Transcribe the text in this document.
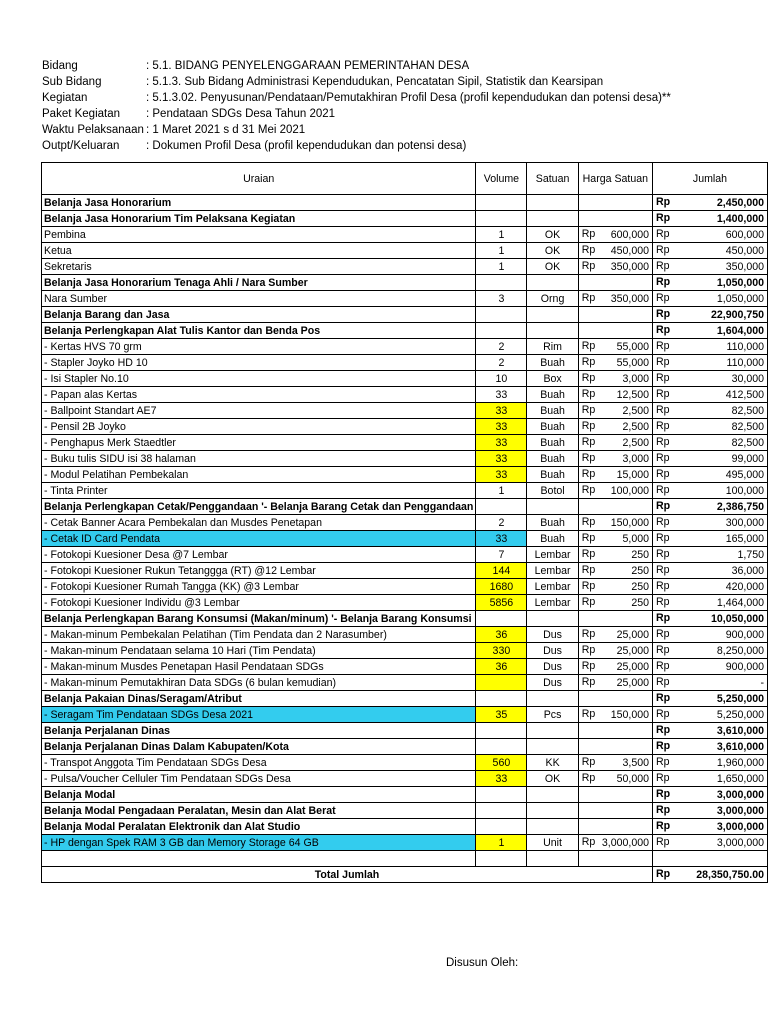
Bidang	: 5.1. BIDANG PENYELENGGARAAN PEMERINTAHAN DESA
Sub Bidang	: 5.1.3. Sub Bidang Administrasi Kependudukan, Pencatatan Sipil, Statistik dan Kearsipan
Kegiatan	: 5.1.3.02. Penyusunan/Pendataan/Pemutakhiran Profil Desa (profil kependudukan dan potensi desa)**
Paket Kegiatan : Pendataan SDGs Desa Tahun 2021
Waktu Pelaksanaan : 1 Maret 2021 s d 31 Mei 2021
Outpt/Keluaran : Dokumen Profil Desa (profil kependudukan dan potensi desa)
Uraian	Volume	Satuan	Harga Satuan	Jumlah
Belanja Jasa Honorarium				Rp 2,450,000

Belanja Jasa Honorarium Tim Pelaksana Kegiatan				Rp 1,400,000

Pembina	1	OK	Rp 600,000	Rp 600,000

Ketua	1	OK	Rp 450,000	Rp 450,000

Sekretaris	1	OK	Rp 350,000	Rp 350,000

Belanja Jasa Honorarium Tenaga Ahli / Nara Sumber				Rp 1,050,000

Nara Sumber	3	Orng	Rp 350,000	Rp 1,050,000

Belanja Barang dan Jasa				Rp 22,900,750

Belanja Perlengkapan Alat Tulis Kantor dan Benda Pos				Rp 1,604,000

- Kertas HVS 70 grm	2	Rim	Rp 55,000	Rp 110,000

- Stapler Joyko HD 10	2	Buah	Rp 55,000	Rp 110,000

- Isi Stapler No.10	10	Box	Rp 3,000	Rp 30,000

- Papan alas Kertas	33	Buah	Rp 12,500	Rp 412,500

- Ballpoint Standart AE7	33	Buah	Rp 2,500	Rp 82,500

- Pensil 2B Joyko	33	Buah	Rp 2,500	Rp 82,500

- Penghapus Merk Staedtler	33	Buah	Rp 2,500	Rp 82,500

- Buku tulis SIDU isi 38 halaman	33	Buah	Rp 3,000	Rp 99,000

- Modul Pelatihan Pembekalan	33	Buah	Rp 15,000	Rp 495,000

- Tinta Printer	1	Botol	Rp 100,000	Rp 100,000

Belanja Perlengkapan Cetak/Penggandaan '- Belanja Barang Cetak dan Penggandaan				Rp 2,386,750

- Cetak Banner Acara Pembekalan dan Musdes Penetapan	2	Buah	Rp 150,000	Rp 300,000

- Cetak ID Card Pendata	33	Buah	Rp 5,000	Rp 165,000

- Fotokopi Kuesioner Desa @7 Lembar	7	Lembar	Rp 250	Rp 1,750

- Fotokopi Kuesioner Rukun Tetanggga (RT) @12 Lembar	144	Lembar	Rp 250	Rp 36,000

- Fotokopi Kuesioner Rumah Tangga (KK) @3 Lembar	1680	Lembar	Rp 250	Rp 420,000

- Fotokopi Kuesioner Individu @3 Lembar	5856	Lembar	Rp 250	Rp 1,464,000

Belanja Perlengkapan Barang Konsumsi (Makan/minum) '- Belanja Barang Konsumsi				Rp 10,050,000

- Makan-minum Pembekalan Pelatihan (Tim Pendata dan 2 Narasumber)	36	Dus	Rp 25,000	Rp 900,000

- Makan-minum Pendataan selama 10 Hari (Tim Pendata)	330	Dus	Rp 25,000	Rp 8,250,000

- Makan-minum Musdes Penetapan Hasil Pendataan SDGs	36	Dus	Rp 25,000	Rp 900,000

- Makan-minum Pemutakhiran Data SDGs (6 bulan kemudian)		Dus	Rp 25,000	Rp -

Belanja Pakaian Dinas/Seragam/Atribut				Rp 5,250,000

- Seragam Tim Pendataan SDGs Desa 2021	35	Pcs	Rp 150,000	Rp 5,250,000

Belanja Perjalanan Dinas				Rp 3,610,000

Belanja Perjalanan Dinas Dalam Kabupaten/Kota				Rp 3,610,000

- Transpot Anggota Tim Pendataan SDGs Desa	560	KK	Rp 3,500	Rp 1,960,000

- Pulsa/Voucher Celluler Tim Pendataan SDGs Desa	33	OK	Rp 50,000	Rp 1,650,000

Belanja Modal				Rp 3,000,000

Belanja Modal Pengadaan Peralatan, Mesin dan Alat Berat				Rp 3,000,000

Belanja Modal Peralatan Elektronik dan Alat Studio				Rp 3,000,000

- HP dengan Spek RAM 3 GB dan Memory Storage 64 GB	1	Unit	Rp 3,000,000	Rp 3,000,000

Total Jumlah				Rp 28,350,750.00
Disusun Oleh:
